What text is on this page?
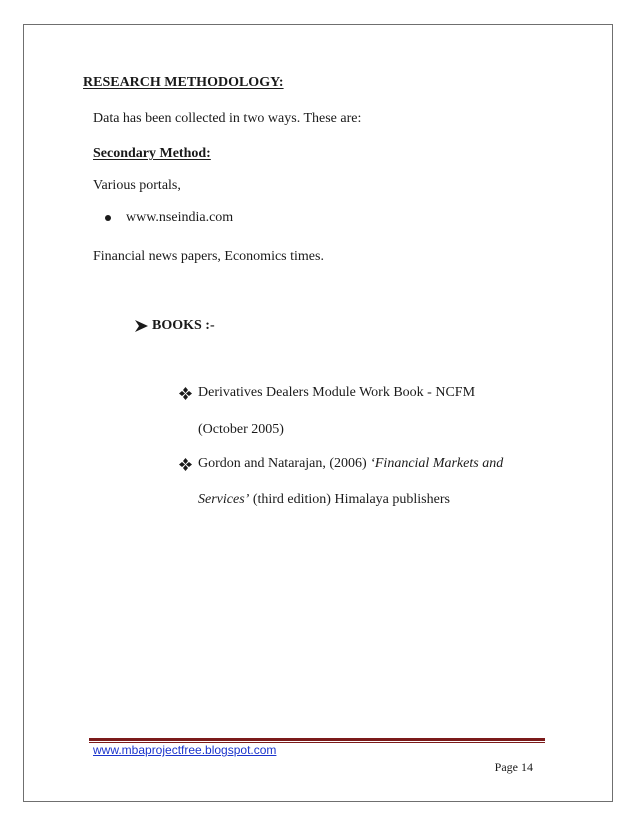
RESEARCH METHODOLOGY:
Data has been collected in two ways. These are:
Secondary Method:
Various portals,
www.nseindia.com
Financial news papers, Economics times.
BOOKS :-
Derivatives Dealers Module Work Book - NCFM
(October 2005)
Gordon and Natarajan, (2006) ‘Financial Markets and
Services’ (third edition) Himalaya publishers
www.mbaprojectfree.blogspot.com
Page 14
